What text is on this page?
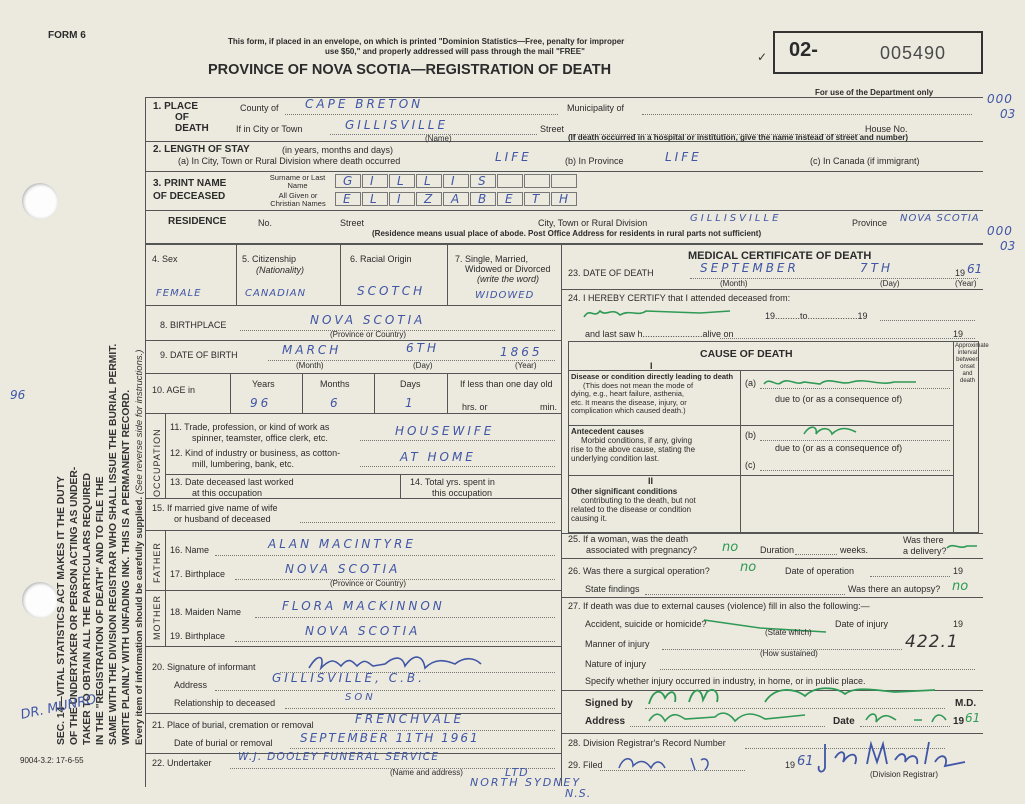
FORM 6
This form, if placed in an envelope, on which is printed "Dominion Statistics—Free, penalty for improper
use $50," and properly addressed will pass through the mail "FREE"
PROVINCE OF NOVA SCOTIA—REGISTRATION OF DEATH
02-	005490
✓
For use of the Department only	000
03
000
03
SEC. 14—VITAL STATISTICS ACT MAKES IT THE DUTY OF THE UNDERTAKER OR PERSON ACTING AS UNDER- TAKER TO OBTAIN ALL THE PARTICULARS REQUIRED IN THE "REGISTRATION OF DEATH" AND TO FILE THE SAME WITH THE DIVISION REGISTRAR WHO SHALL ISSUE THE BURIAL PERMIT. WRITE PLAINLY WITH UNFADING INK. THIS IS A PERMANENT RECORD. Every item of information should be carefully supplied. (See reverse side for instructions.)
96
DR. MUNRO
9004-3.2: 17-6-55
1. PLACE
OF
DEATH
County of CAPE BRETON	Municipality of
If in City or Town	GILLISVILLE
(Name)
Street	House No.
(If death occurred in a hospital or institution, give the name instead of street and number)
2. LENGTH OF STAY	(in years, months and days)
(a) In City, Town or Rural Division where death occurred	LIFE	(b) In Province	LIFE	(c) In Canada (if immigrant)
3. PRINT NAME
OF DECEASED
Surname or Last Name
All Given or Christian Names
G I L L I S
E L I Z A B E T H
RESIDENCE	No.	Street	City, Town or Rural Division	GILLISVILLE	Province NOVA SCOTIA
(Residence means usual place of abode. Post Office Address for residents in rural parts not sufficient)
4. Sex
FEMALE
5. Citizenship
(Nationality)
CANADIAN
6. Racial Origin
SCOTCH
7. Single, Married,
Widowed or Divorced
(write the word)
WIDOWED
8. BIRTHPLACE	NOVA SCOTIA
(Province or Country)
9. DATE OF BIRTH	MARCH	6TH	1865
(Month)	(Day)	(Year)
10. AGE in
Years	Months	Days	If less than one day old
96	6	1	hrs. or	min.
OCCUPATION
11. Trade, profession, or kind of work as
spinner, teamster, office clerk, etc.	HOUSEWIFE
12. Kind of industry or business, as cotton-
mill, lumbering, bank, etc.	AT HOME
13. Date deceased last worked
at this occupation
14. Total yrs. spent in
this occupation
15. If married give name of wife
or husband of deceased
FATHER 16. Name	ALAN MACINTYRE
17. Birthplace	NOVA SCOTIA
(Province or Country)
MOTHER 18. Maiden Name	FLORA MACKINNON
19. Birthplace	NOVA SCOTIA
20. Signature of informant
Address	GILLISVILLE, C.B.
Relationship to deceased	SON
21. Place of burial, cremation or removal	FRENCHVALE
Date of burial or removal SEPTEMBER 11TH 1961
22. Undertaker	W.J. DOOLEY FUNERAL SERVICE
(Name and address)	LTD
NORTH SYDNEY
N.S.
MEDICAL CERTIFICATE OF DEATH
23. DATE OF DEATH	SEPTEMBER	7TH	19 61
(Month)	(Day)	(Year)
24. I HEREBY CERTIFY that I attended deceased from:
19..........to....................19
and last saw h........................alive on	19
CAUSE OF DEATH
Approximate interval between onset and death
I
Disease or condition directly leading to death
(This does not mean the mode of
dying, e.g., heart failure, asthenia,
etc. It means the disease, injury, or
complication which caused death.)
(a)
due to (or as a consequence of)
Antecedent causes
Morbid conditions, if any, giving
rise to the above cause, stating the
underlying condition last.
(b)
due to (or as a consequence of)
(c)
II
Other significant conditions
contributing to the death, but not
related to the disease or condition
causing it.
25. If a woman, was the death
associated with pregnancy? no Duration	weeks.
Was there
a delivery?
26. Was there a surgical operation? no	Date of operation	19
State findings	Was there an autopsy? no
27. If death was due to external causes (violence) fill in also the following:—
Accident, suicide or homicide?
(State which)
Date of injury	19
422.1
Manner of injury
(How sustained)
Nature of injury
Specify whether injury occurred in industry, in home, or in public place.
Signed by	M.D.
Address	Date	19 61
28. Division Registrar's Record Number
29. Filed	19 61
(Division Registrar)
